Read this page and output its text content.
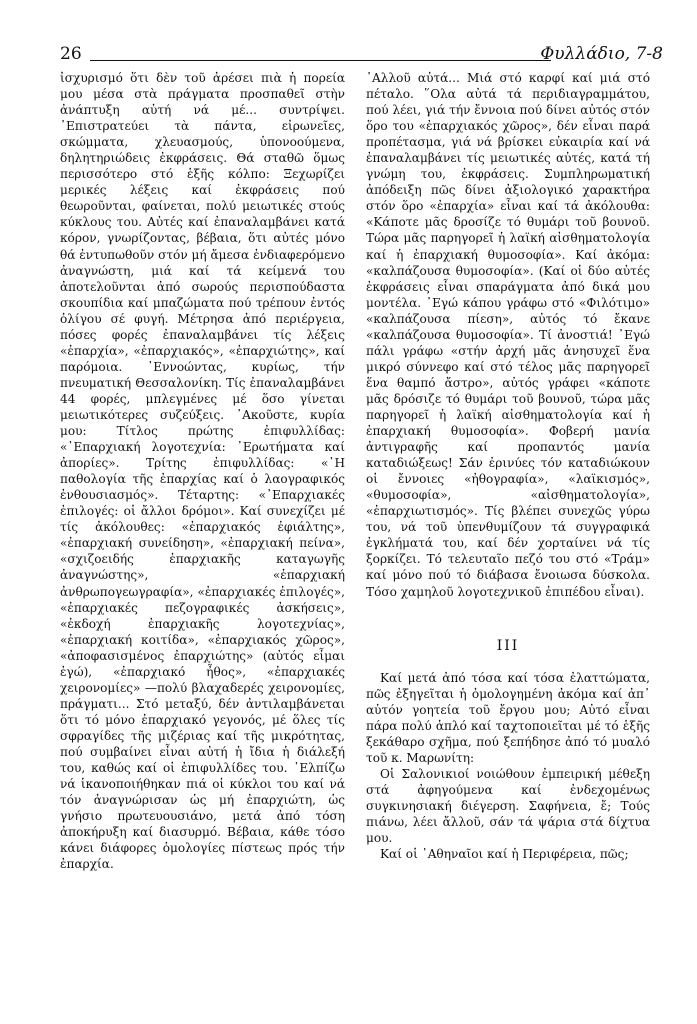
26	Φυλλάδιο, 7-8

ἰσχυρισμό ὅτι δὲν τοῦ ἀρέσει πιὰ ἡ πορεία μου μέσα στὰ πράγματα προσπαθεῖ στὴν ἀνάπτυξη αὐτή νά μέ... συντρίψει. ᾿Επιστρατεύει τὰ πάντα, εἰρωνεῖες, σκώμματα, χλευασμούς, ὑπονοούμενα, δηλητηριώδεις ἐκφράσεις. Θά σταθῶ ὅμως περισσότερο στό ἑξῆς κόλπο: Ξεχωρίζει μερικές λέξεις καί ἐκφράσεις πού θεωροῦνται, φαίνεται, πολύ μειωτικές στούς κύκλους του. Αὐτές καί ἐπαναλαμβάνει κατά κόρον, γνωρίζοντας, βέβαια, ὅτι αὐτές μόνο θά ἐντυπωθοῦν στόν μή ἄμεσα ἐνδιαφερόμενο ἀναγνώστη, μιά καί τά κείμενά του ἀποτελοῦνται ἀπό σωρούς περισπούδαστα σκουπίδια καί μπαζώματα πού τρέπουν ἐντός ὀλίγου σέ φυγή. Μέτρησα ἀπό περιέργεια, πόσες φορές ἐπαναλαμβάνει τίς λέξεις «ἐπαρχία», «ἐπαρχιακός», «ἐπαρχιώτης», καί παρόμοια. ᾿Εννοώντας, κυρίως, τήν πνευματική Θεσσαλονίκη. Τίς ἐπαναλαμβάνει 44 φορές, μπλεγμένες μέ ὅσο γίνεται μειωτικότερες συζεύξεις. ᾿Ακοῦστε, κυρία μου: Τίτλος πρώτης ἐπιφυλλίδας: «᾿Επαρχιακή λογοτεχνία: ᾿Ερωτήματα καί ἀπορίες». Τρίτης ἐπιφυλλίδας: «᾿Η παθολογία τῆς ἐπαρχίας καί ὁ λαογραφικός ἐνθουσιασμός». Τέταρτης: «᾿Επαρχιακές ἐπιλογές: οἱ ἄλλοι δρόμοι». Καί συνεχίζει μέ τίς ἀκόλουθες: «ἐπαρχιακός ἐφιάλτης», «ἐπαρχιακή συνείδηση», «ἐπαρχιακή πείνα», «σχιζοειδής ἐπαρχιακῆς καταγωγῆς ἀναγνώστης», «ἐπαρχιακή ἀνθρωπογεωγραφία», «ἐπαρχιακές ἐπιλογές», «ἐπαρχιακές πεζογραφικές ἀσκήσεις», «ἐκδοχή ἐπαρχιακῆς λογοτεχνίας», «ἐπαρχιακή κοιτίδα», «ἐπαρχιακός χῶρος», «ἀποφασισμένος ἐπαρχιώτης» (αὐτός εἶμαι ἐγώ), «ἐπαρχιακό ἦθος», «ἐπαρχιακές χειρονομίες» —πολύ βλαχαδερές χειρονομίες, πράγματι... Στό μεταξύ, δέν ἀντιλαμβάνεται ὅτι τό μόνο ἐπαρχιακό γεγονός, μέ ὅλες τίς σφραγίδες τῆς μιζέριας καί τῆς μικρότητας, πού συμβαίνει εἶναι αὐτή ἡ ἴδια ἡ διάλεξή του, καθώς καί οἱ ἐπιφυλλίδες του. ᾿Ελπίζω νά ἱκανοποιήθηκαν πιά οἱ κύκλοι του καί νά τόν ἀναγνώρισαν ὡς μή ἐπαρχιώτη, ὡς γνήσιο πρωτευουσιάνο, μετά ἀπό τόση ἀποκήρυξη καί διασυρμό. Βέβαια, κάθε τόσο κάνει διάφορες ὁμολογίες πίστεως πρός τήν ἐπαρχία.

᾿Αλλοῦ αὐτά... Μιά στό καρφί καί μιά στό πέταλο. ῞Ολα αὐτά τά περιδιαγραμμάτου, πού λέει, γιά τήν ἔννοια πού δίνει αὐτός στόν ὅρο του «ἐπαρχιακός χῶρος», δέν εἶναι παρά προπέτασμα, γιά νά βρίσκει εὐκαιρία καί νά ἐπαναλαμβάνει τίς μειωτικές αὐτές, κατά τή γνώμη του, ἐκφράσεις. Συμπληρωματική ἀπόδειξη πῶς δίνει ἀξιολογικό χαρακτήρα στόν ὅρο «ἐπαρχία» εἶναι καί τά ἀκόλουθα: «Κάποτε μᾶς δροσίζε τό θυμάρι τοῦ βουνοῦ. Τώρα μᾶς παρηγορεῖ ἡ λαϊκή αἰσθηματολογία καί ἡ ἐπαρχιακή θυμοσοφία». Καί ἀκόμα: «καλπάζουσα θυμοσοφία». (Καί οἱ δύο αὐτές ἐκφράσεις εἶναι σπαράγματα ἀπό δικά μου μοντέλα. ᾿Εγώ κάπου γράφω στό «Φιλότιμο» «καλπάζουσα πίεση», αὐτός τό ἔκανε «καλπάζουσα θυμοσοφία». Τί ἀνοστιά! ᾿Εγώ πάλι γράφω «στήν ἀρχή μᾶς ἀνησυχεῖ ἕνα μικρό σύννεφο καί στό τέλος μᾶς παρηγορεῖ ἕνα θαμπό ἄστρο», αὐτός γράφει «κάποτε μᾶς δρόσιζε τό θυμάρι τοῦ βουνοῦ, τώρα μᾶς παρηγορεῖ ἡ λαϊκή αἰσθηματολογία καί ἡ ἐπαρχιακή θυμοσοφία». Φοβερή μανία ἀντιγραφῆς καί προπαντός μανία καταδιώξεως! Σάν ἐρινύες τόν καταδιώκουν οἱ ἔννοιες «ἠθογραφία», «λαϊκισμός», «θυμοσοφία», «αἰσθηματολογία», «ἐπαρχιωτισμός». Τίς βλέπει συνεχῶς γύρω του, νά τοῦ ὑπενθυμίζουν τά συγγραφικά ἐγκλήματά του, καί δέν χορταίνει νά τίς ξορκίζει. Τό τελευταῖο πεζό του στό «Τράμ» καί μόνο πού τό διάβασα ἔνοιωσα δύσκολα. Τόσο χαμηλοῦ λογοτεχνικοῦ ἐπιπέδου εἶναι).

III

Καί μετά ἀπό τόσα καί τόσα ἐλαττώματα, πῶς ἐξηγεῖται ἡ ὁμολογημένη ἀκόμα καί ἀπ᾿ αὐτόν γοητεία τοῦ ἔργου μου; Αὐτό εἶναι πάρα πολύ ἁπλό καί ταχτοποιεῖται μέ τό ἑξῆς ξεκάθαρο σχῆμα, πού ξεπήδησε ἀπό τό μυαλό τοῦ κ. Μαρωνίτη:

Οἱ Σαλονικιοί νοιώθουν ἐμπειρική μέθεξη στά ἀφηγούμενα καί ἐνδεχομένως συγκινησιακή διέγερση. Σαφήνεια, ἔ; Τούς πιάνω, λέει ἄλλοῦ, σάν τά ψάρια στά δίχτυα μου.

Καί οἱ ᾿Αθηναῖοι καί ἡ Περιφέρεια, πῶς;
